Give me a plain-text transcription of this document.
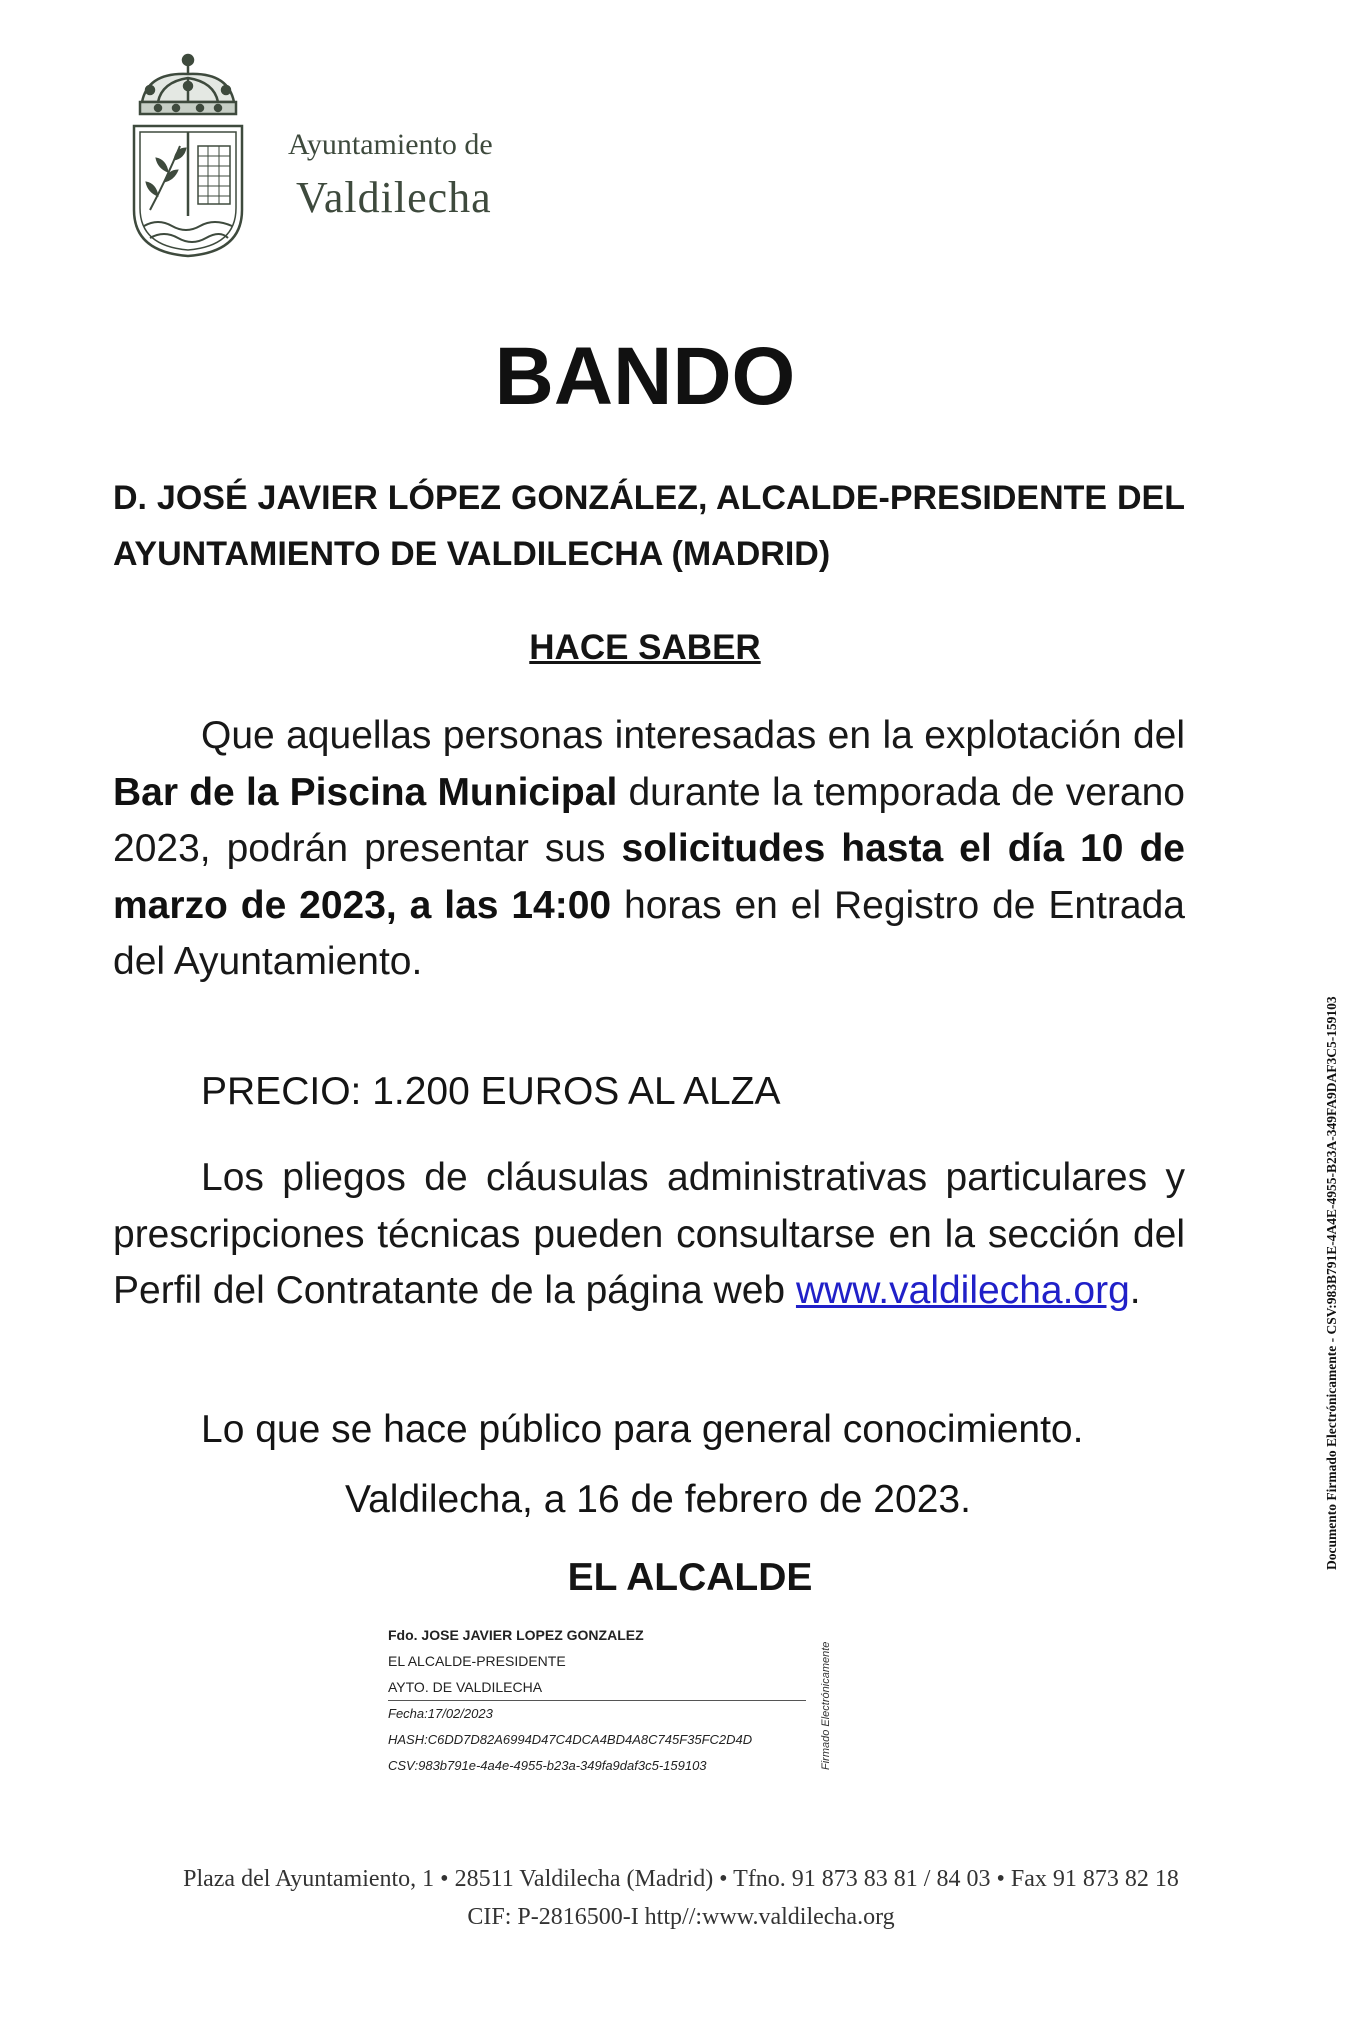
Ayuntamiento de
Valdilecha
BANDO
D. JOSÉ JAVIER LÓPEZ GONZÁLEZ, ALCALDE-PRESIDENTE DEL AYUNTAMIENTO DE VALDILECHA (MADRID)
HACE SABER

Que aquellas personas interesadas en la explotación del Bar de la Piscina Municipal durante la temporada de verano 2023, podrán presentar sus solicitudes hasta el día 10 de marzo de 2023, a las 14:00 horas en el Registro de Entrada del Ayuntamiento.

PRECIO: 1.200 EUROS AL ALZA

Los pliegos de cláusulas administrativas particulares y prescripciones técnicas pueden consultarse en la sección del Perfil del Contratante de la página web www.valdilecha.org.

Lo que se hace público para general conocimiento.
Valdilecha, a 16 de febrero de 2023.
EL ALCALDE
Fdo. JOSE JAVIER LOPEZ GONZALEZ
EL ALCALDE-PRESIDENTE
AYTO. DE VALDILECHA
Fecha:17/02/2023
HASH:C6DD7D82A6994D47C4DCA4BD4A8C745F35FC2D4D
CSV:983b791e-4a4e-4955-b23a-349fa9daf3c5-159103	Firmado Electrónicamente
Documento Firmado Electrónicamente - CSV:983B791E-4A4E-4955-B23A-349FA9DAF3C5-159103
Plaza del Ayuntamiento, 1 • 28511 Valdilecha (Madrid) • Tfno. 91 873 83 81 / 84 03 • Fax 91 873 82 18
CIF: P-2816500-I http//:www.valdilecha.org
